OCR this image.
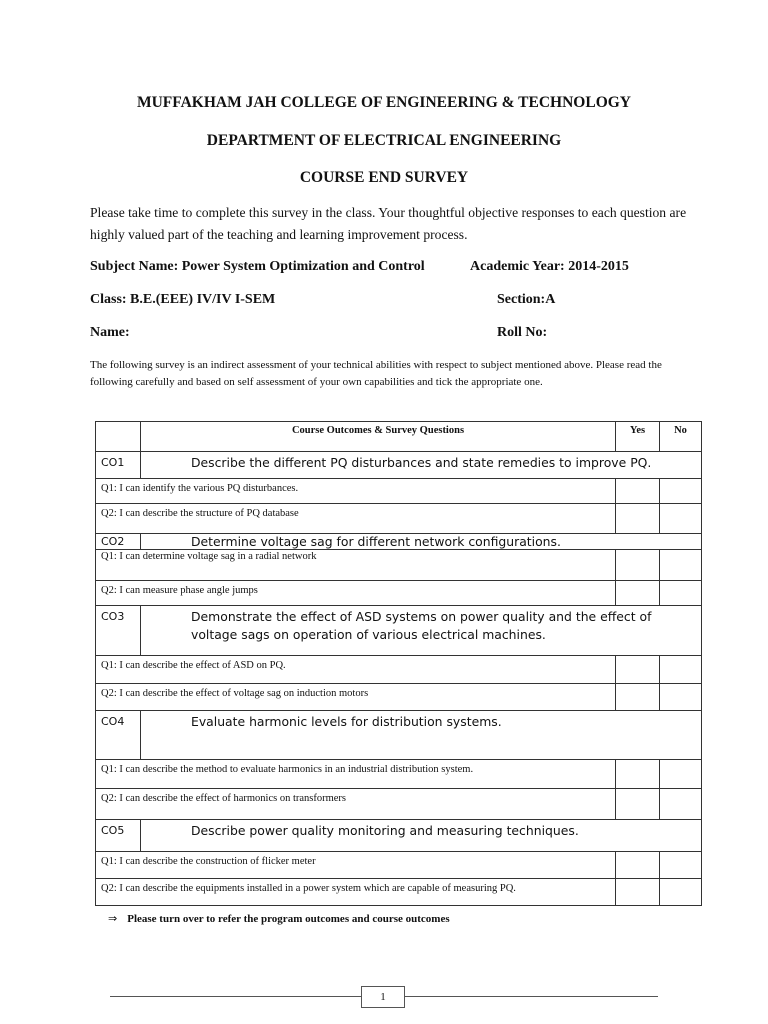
MUFFAKHAM JAH COLLEGE OF ENGINEERING & TECHNOLOGY
DEPARTMENT OF ELECTRICAL ENGINEERING
COURSE END SURVEY
Please take time to complete this survey in the class. Your thoughtful objective responses to each question are highly valued part of the teaching and learning improvement process.
Subject Name: Power System Optimization and Control	Academic Year: 2014-2015
Class: B.E.(EEE) IV/IV I-SEM	Section:A
Name:	Roll No:
The following survey is an indirect assessment of your technical abilities with respect to subject mentioned above. Please read the following carefully and based on self assessment of your own capabilities and tick the appropriate one.
	Course Outcomes & Survey Questions	Yes	No
CO1	Describe the different PQ disturbances and state remedies to improve PQ.		
Q1: I can identify the various PQ disturbances.			
Q2: I can describe the structure of PQ database			
CO2	Determine voltage sag for different network configurations.		
Q1: I can determine voltage sag in a radial network			
Q2: I can measure phase angle jumps			
CO3	Demonstrate the effect of ASD systems on power quality and the effect of voltage sags on operation of various electrical machines.		
Q1: I can describe the effect of ASD on PQ.			
Q2: I can describe the effect of voltage sag on induction motors			
CO4	Evaluate harmonic levels for distribution systems.		
Q1: I can describe the method to evaluate harmonics in an industrial distribution system.			
Q2: I can describe the effect of harmonics on transformers			
CO5	Describe power quality monitoring and measuring techniques.		
Q1: I can describe the construction of flicker meter			
Q2: I can describe the equipments installed in a power system which are capable of measuring PQ.			
⇒ Please turn over to refer the program outcomes and course outcomes
1
